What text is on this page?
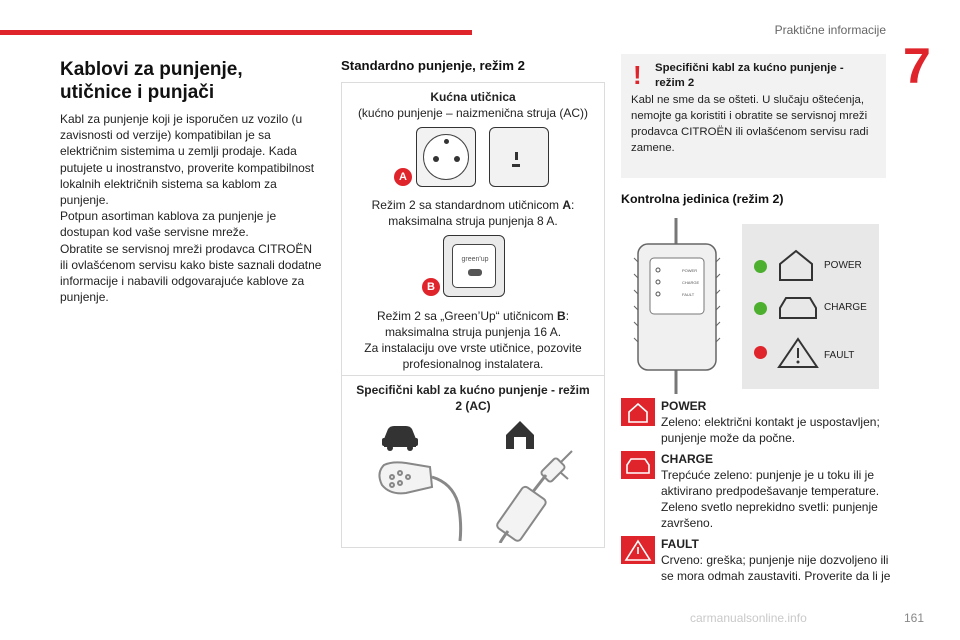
Praktične informacije
7
Kablovi za punjenje,
utičnice i punjači

Kabl za punjenje koji je isporučen uz vozilo (u zavisnosti od verzije) kompatibilan je sa električnim sistemima u zemlji prodaje. Kada putujete u inostranstvo, proverite kompatibilnost lokalnih električnih sistema sa kablom za punjenje.

Potpun asortiman kablova za punjenje je dostupan kod vaše servisne mreže.

Obratite se servisnoj mreži prodavca CITROËN ili ovlašćenom servisu kako biste saznali dodatne informacije i nabavili odgovarajuće kablove za punjenje.

Standardno punjenje, režim 2
Kućna utičnica
(kućno punjenje – naizmenična struja (AC))
A
Režim 2 sa standardnom utičnicom A:
maksimalna struja punjenja 8 A.
green'up
B
Režim 2 sa „Green’Up“ utičnicom B:
maksimalna struja punjenja 16 A.
Za instalaciju ove vrste utičnice, pozovite profesionalnog instalatera.
Specifični kabl za kućno punjenje - režim 2 (AC)
! Specifični kabl za kućno punjenje - režim 2
Kabl ne sme da se ošteti. U slučaju oštećenja, nemojte ga koristiti i obratite se servisnoj mreži prodavca CITROËN ili ovlašćenom servisu radi zamene.
Kontrolna jedinica (režim 2)
POWER
CHARGE
FAULT
POWER
CHARGE
FAULT
POWER
Zeleno: električni kontakt je uspostavljen; punjenje može da počne.
CHARGE
Trepćuće zeleno: punjenje je u toku ili je aktivirano predpodešavanje temperature. Zeleno svetlo neprekidno svetli: punjenje završeno.
FAULT
Crveno: greška; punjenje nije dozvoljeno ili se mora odmah zaustaviti. Proverite da li je
carmanualsonline.info	161
